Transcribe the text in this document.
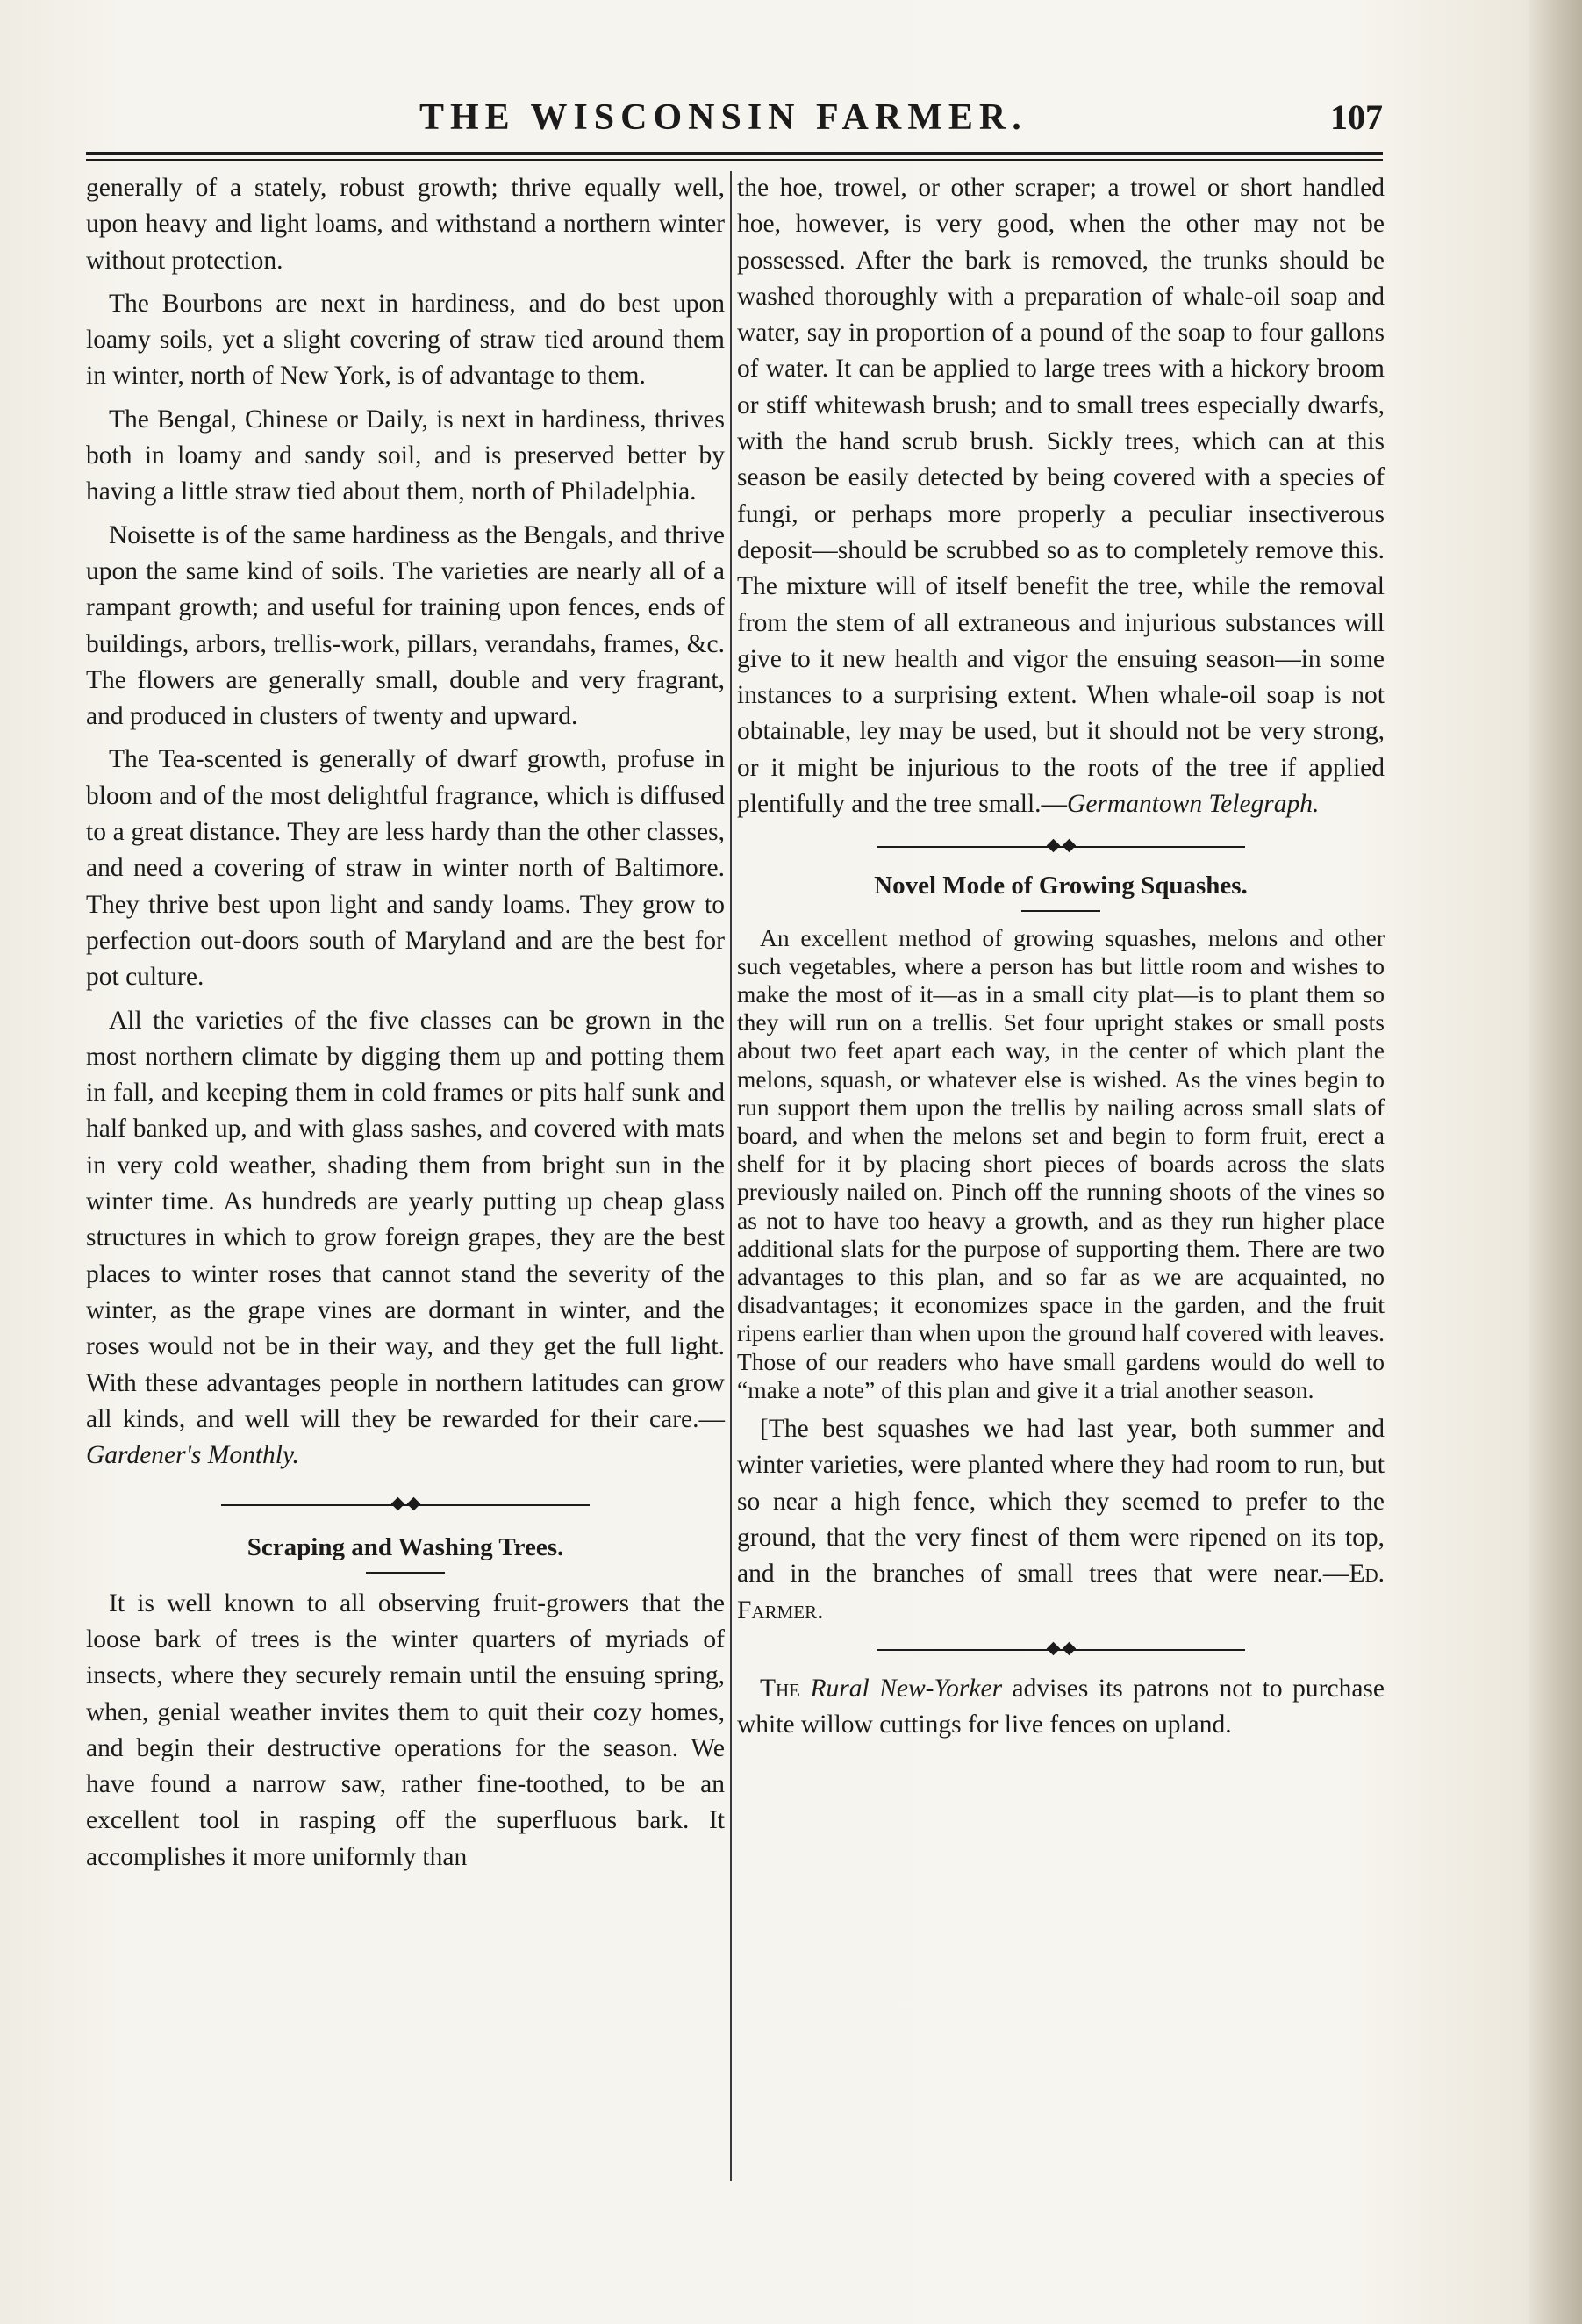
THE WISCONSIN FARMER.	107

generally of a stately, robust growth; thrive equally well, upon heavy and light loams, and withstand a northern winter without protection.

The Bourbons are next in hardiness, and do best upon loamy soils, yet a slight covering of straw tied around them in winter, north of New York, is of advantage to them.

The Bengal, Chinese or Daily, is next in hardiness, thrives both in loamy and sandy soil, and is preserved better by having a little straw tied about them, north of Philadelphia.

Noisette is of the same hardiness as the Bengals, and thrive upon the same kind of soils. The varieties are nearly all of a rampant growth; and useful for training upon fences, ends of buildings, arbors, trellis-work, pillars, verandahs, frames, &c. The flowers are generally small, double and very fragrant, and produced in clusters of twenty and upward.

The Tea-scented is generally of dwarf growth, profuse in bloom and of the most delightful fragrance, which is diffused to a great distance. They are less hardy than the other classes, and need a covering of straw in winter north of Baltimore. They thrive best upon light and sandy loams. They grow to perfection out-doors south of Maryland and are the best for pot culture.

All the varieties of the five classes can be grown in the most northern climate by digging them up and potting them in fall, and keeping them in cold frames or pits half sunk and half banked up, and with glass sashes, and covered with mats in very cold weather, shading them from bright sun in the winter time. As hundreds are yearly putting up cheap glass structures in which to grow foreign grapes, they are the best places to winter roses that cannot stand the severity of the winter, as the grape vines are dormant in winter, and the roses would not be in their way, and they get the full light. With these advantages people in northern latitudes can grow all kinds, and well will they be rewarded for their care.—Gardener's Monthly.

Scraping and Washing Trees.

It is well known to all observing fruit-growers that the loose bark of trees is the winter quarters of myriads of insects, where they securely remain until the ensuing spring, when, genial weather invites them to quit their cozy homes, and begin their destructive operations for the season. We have found a narrow saw, rather fine-toothed, to be an excellent tool in rasping off the superfluous bark. It accomplishes it more uniformly than

the hoe, trowel, or other scraper; a trowel or short handled hoe, however, is very good, when the other may not be possessed. After the bark is removed, the trunks should be washed thoroughly with a preparation of whale-oil soap and water, say in proportion of a pound of the soap to four gallons of water. It can be applied to large trees with a hickory broom or stiff whitewash brush; and to small trees especially dwarfs, with the hand scrub brush. Sickly trees, which can at this season be easily detected by being covered with a species of fungi, or perhaps more properly a peculiar insectiverous deposit—should be scrubbed so as to completely remove this. The mixture will of itself benefit the tree, while the removal from the stem of all extraneous and injurious substances will give to it new health and vigor the ensuing season—in some instances to a surprising extent. When whale-oil soap is not obtainable, ley may be used, but it should not be very strong, or it might be injurious to the roots of the tree if applied plentifully and the tree small.—Germantown Telegraph.

Novel Mode of Growing Squashes.

An excellent method of growing squashes, melons and other such vegetables, where a person has but little room and wishes to make the most of it—as in a small city plat—is to plant them so they will run on a trellis. Set four upright stakes or small posts about two feet apart each way, in the center of which plant the melons, squash, or whatever else is wished. As the vines begin to run support them upon the trellis by nailing across small slats of board, and when the melons set and begin to form fruit, erect a shelf for it by placing short pieces of boards across the slats previously nailed on. Pinch off the running shoots of the vines so as not to have too heavy a growth, and as they run higher place additional slats for the purpose of supporting them. There are two advantages to this plan, and so far as we are acquainted, no disadvantages; it economizes space in the garden, and the fruit ripens earlier than when upon the ground half covered with leaves. Those of our readers who have small gardens would do well to “make a note” of this plan and give it a trial another season.

[The best squashes we had last year, both summer and winter varieties, were planted where they had room to run, but so near a high fence, which they seemed to prefer to the ground, that the very finest of them were ripened on its top, and in the branches of small trees that were near.—Ed. Farmer.

The Rural New-Yorker advises its patrons not to purchase white willow cuttings for live fences on upland.
